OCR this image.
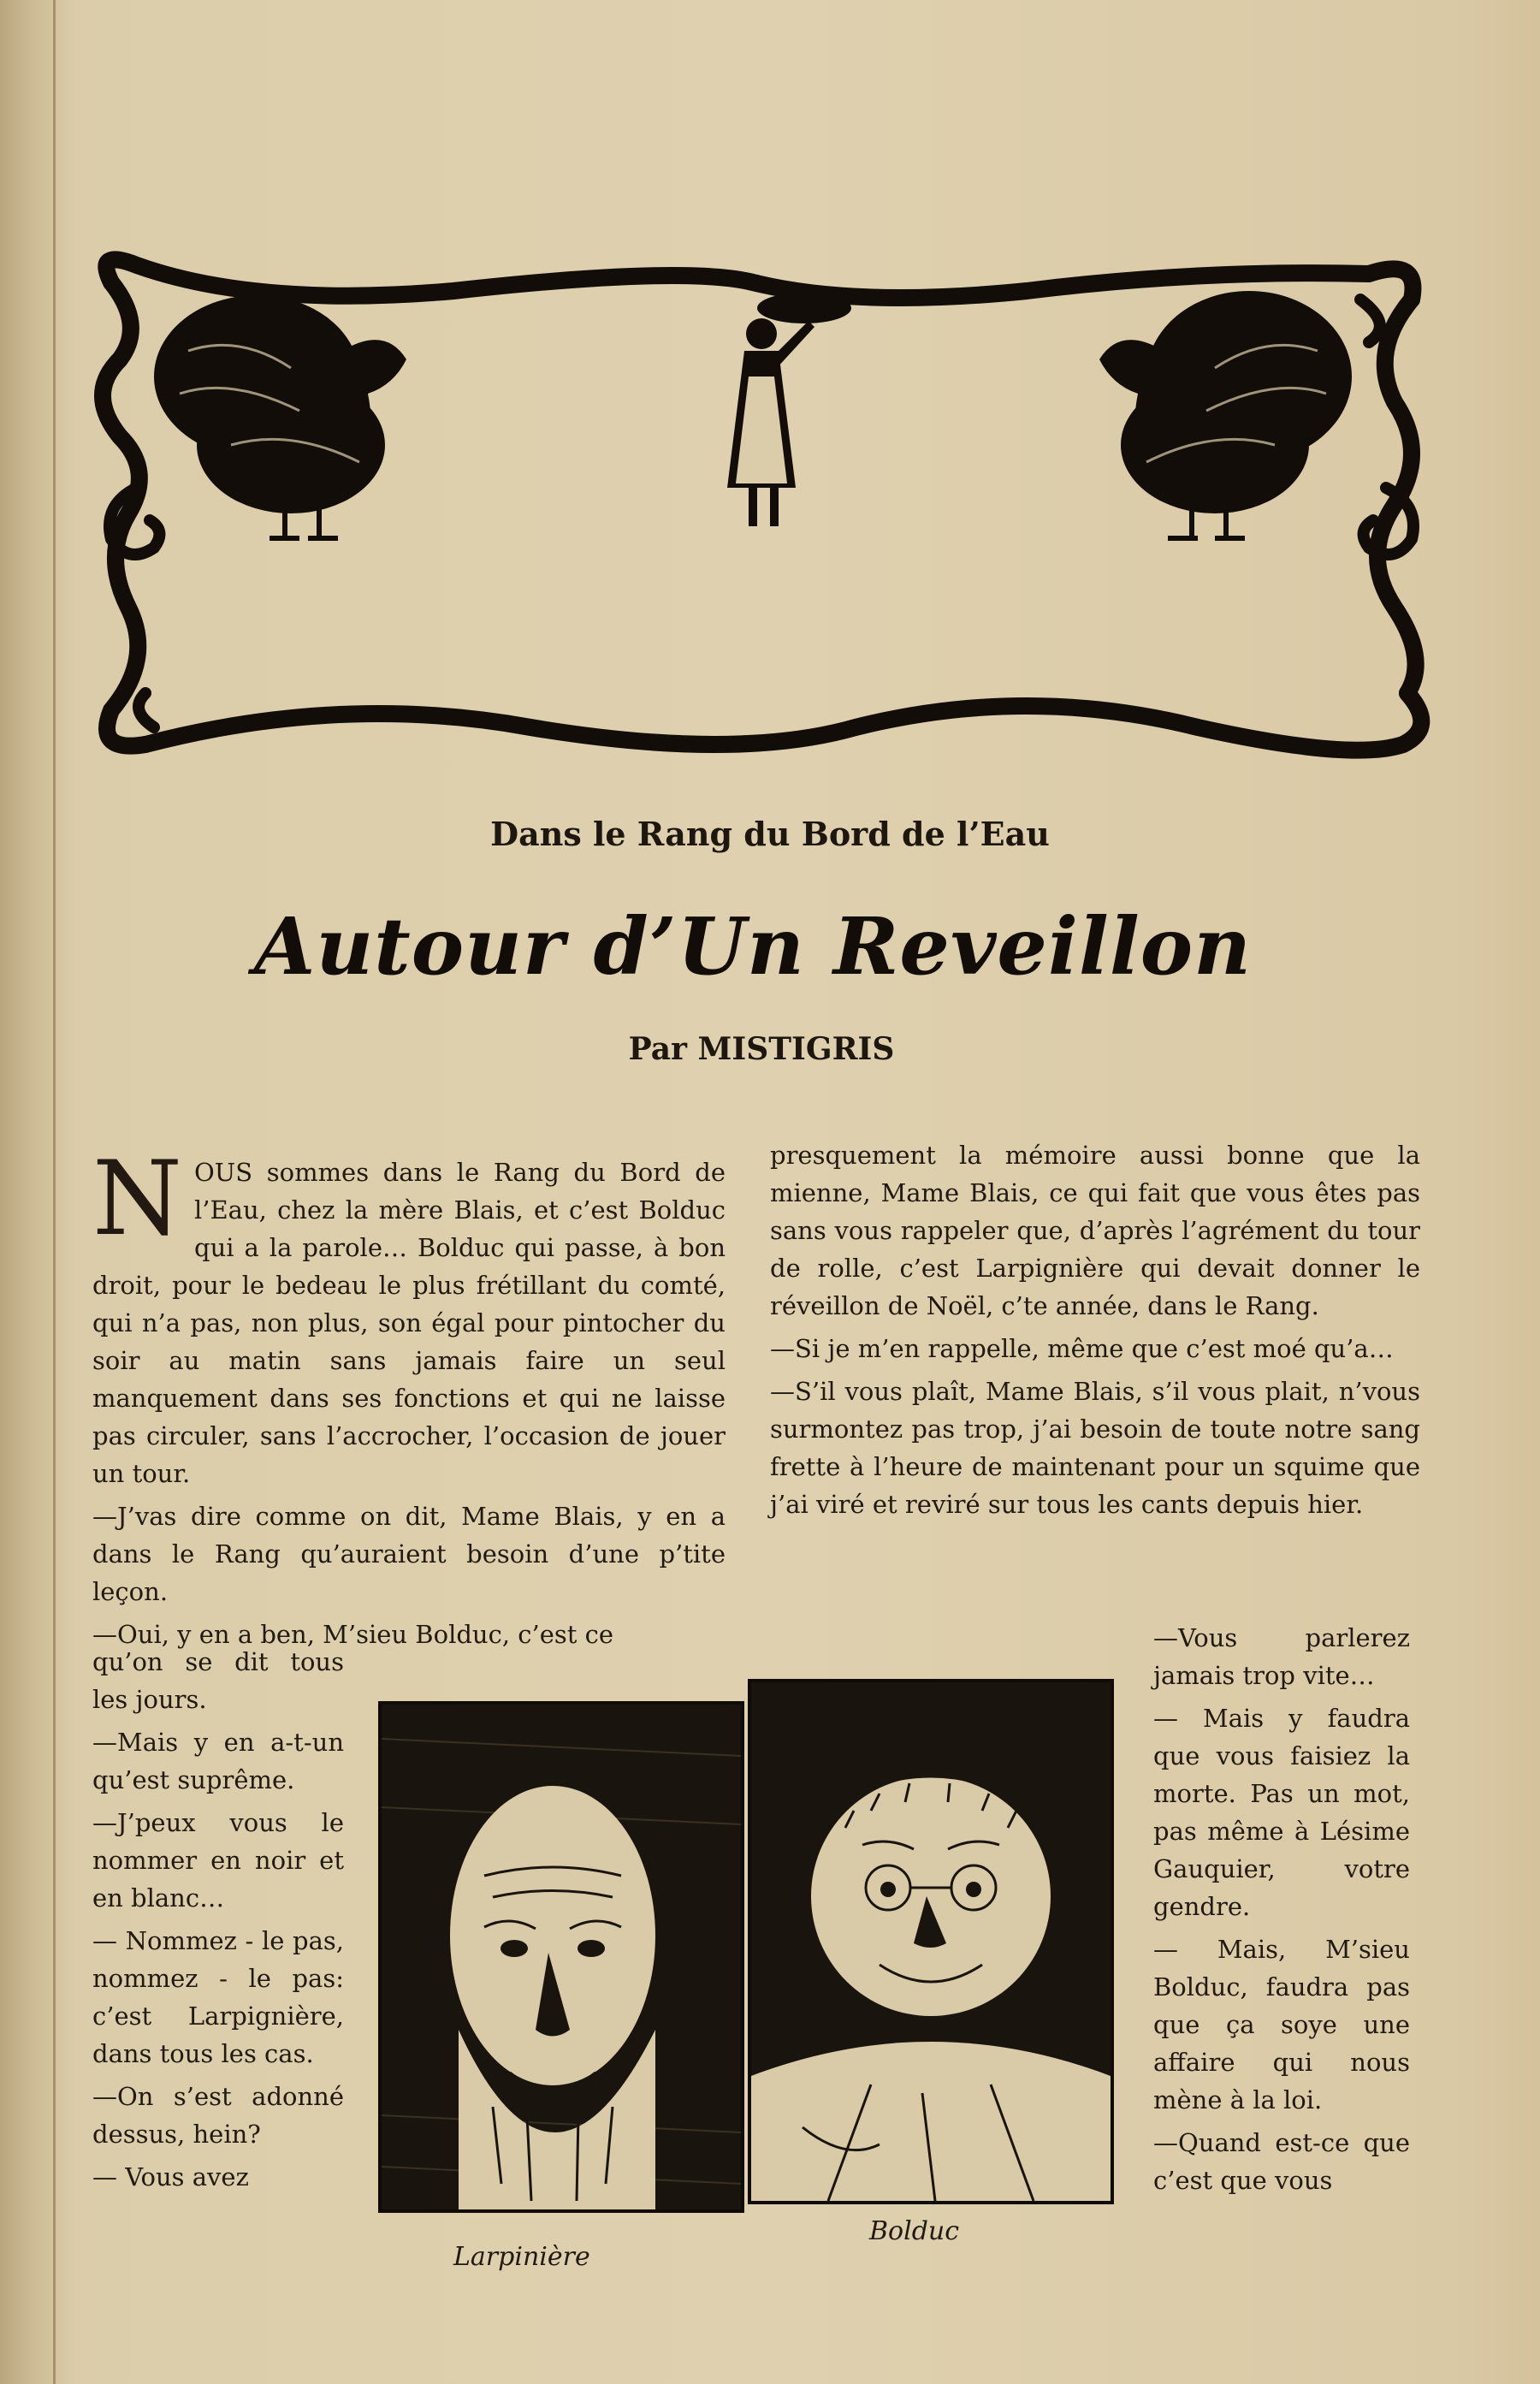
Dans le Rang du Bord de l’Eau
Autour d’Un Reveillon
Par MISTIGRIS

NOUS sommes dans le Rang du Bord de l’Eau, chez la mère Blais, et c’est Bolduc qui a la parole… Bolduc qui passe, à bon droit, pour le bedeau le plus frétillant du comté, qui n’a pas, non plus, son égal pour pintocher du soir au matin sans jamais faire un seul manquement dans ses fonctions et qui ne laisse pas circuler, sans l’accrocher, l’occasion de jouer un tour.

—J’vas dire comme on dit, Mame Blais, y en a dans le Rang qu’auraient besoin d’une p’tite leçon.

—Oui, y en a ben, M’sieu Bolduc, c’est ce

presquement la mémoire aussi bonne que la mienne, Mame Blais, ce qui fait que vous êtes pas sans vous rappeler que, d’après l’agrément du tour de rolle, c’est Larpignière qui devait donner le réveillon de Noël, c’te année, dans le Rang.

—Si je m’en rappelle, même que c’est moé qu’a…

—S’il vous plaît, Mame Blais, s’il vous plait, n’vous surmontez pas trop, j’ai besoin de toute notre sang frette à l’heure de maintenant pour un squime que j’ai viré et reviré sur tous les cants depuis hier.

qu’on se dit tous les jours.

—Mais y en a-t-un qu’est suprême.

—J’peux vous le nommer en noir et en blanc…

— Nommez - le pas, nommez - le pas: c’est Larpignière, dans tous les cas.

—On s’est adonné dessus, hein?

— Vous avez

—Vous parlerez jamais trop vite…

— Mais y faudra que vous faisiez la morte. Pas un mot, pas même à Lésime Gauquier, votre gendre.

— Mais, M’sieu Bolduc, faudra pas que ça soye une affaire qui nous mène à la loi.

—Quand est-ce que c’est que vous

Larpinière
Bolduc
